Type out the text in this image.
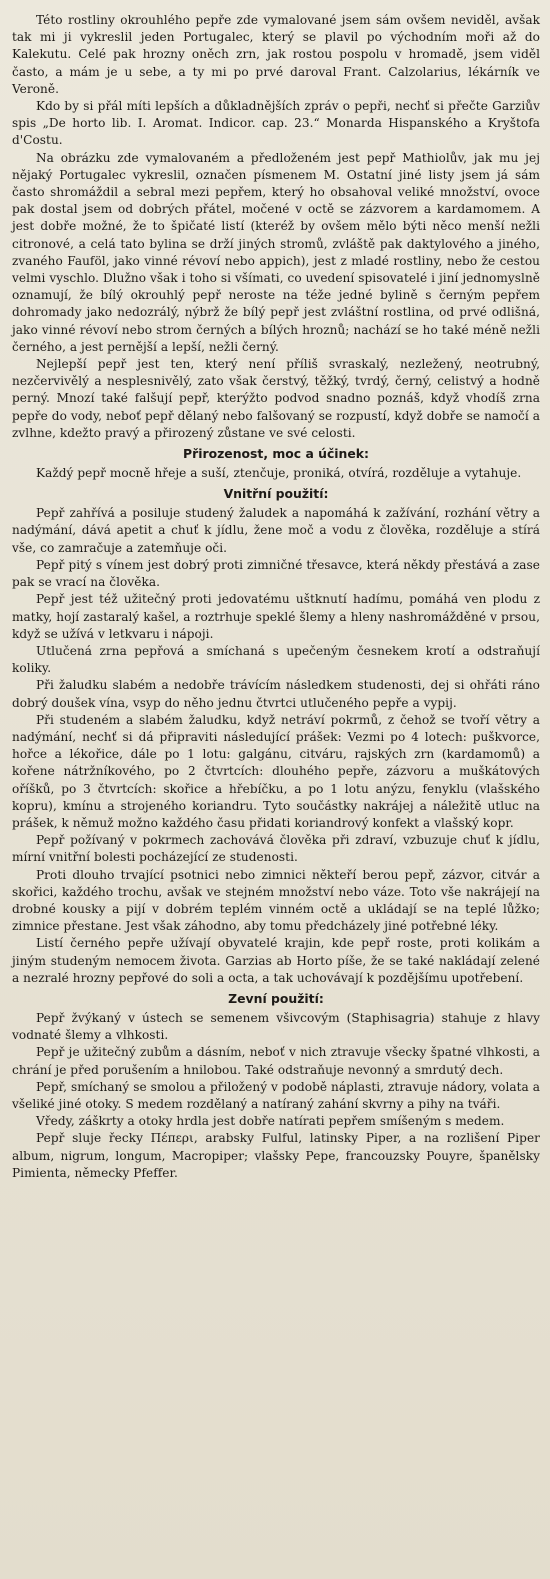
Této rostliny okrouhlého pepře zde vymalované jsem sám ovšem neviděl, avšak tak mi ji vykreslil jeden Portugalec, který se plavil po východním moři až do Kalekutu. Celé pak hrozny oněch zrn, jak rostou pospolu v hromadě, jsem viděl často, a mám je u sebe, a ty mi po prvé daroval Frant. Calzolarius, lékárník ve Veroně.

Kdo by si přál míti lepších a důkladnějších zpráv o pepři, nechť si přečte Garziův spis „De horto lib. I. Aromat. Indicor. cap. 23.“ Monarda Hispanského a Kryštofa d'Costu.

Na obrázku zde vymalovaném a předloženém jest pepř Mathiolův, jak mu jej nějaký Portugalec vykreslil, označen písmenem M. Ostatní jiné listy jsem já sám často shromáždil a sebral mezi pepřem, který ho obsahoval veliké množství, ovoce pak dostal jsem od dobrých přátel, močené v octě se zázvorem a kardamomem. A jest dobře možné, že to špičaté listí (kteréž by ovšem mělo býti něco menší nežli citronové, a celá tato bylina se drží jiných stromů, zvláště pak daktylového a jiného, zvaného Fauföl, jako vinné révoví nebo appich), jest z mladé rostliny, nebo že cestou velmi vyschlo. Dlužno však i toho si všímati, co uvedení spisovatelé i jiní jednomyslně oznamují, že bílý okrouhlý pepř neroste na téže jedné bylině s černým pepřem dohromady jako nedozrálý, nýbrž že bílý pepř jest zvláštní rostlina, od prvé odlišná, jako vinné révoví nebo strom černých a bílých hroznů; nachází se ho také méně nežli černého, a jest pernější a lepší, nežli černý.

Nejlepší pepř jest ten, který není příliš svraskalý, nezležený, neotrubný, nezčervivělý a nesplesnivělý, zato však čerstvý, těžký, tvrdý, černý, celistvý a hodně perný. Mnozí také falšují pepř, kterýžto podvod snadno poznáš, když vhodíš zrna pepře do vody, neboť pepř dělaný nebo falšovaný se rozpustí, když dobře se namočí a zvlhne, kdežto pravý a přirozený zůstane ve své celosti.

Přirozenost, moc a účinek:

Každý pepř mocně hřeje a suší, ztenčuje, proniká, otvírá, rozděluje a vytahuje.

Vnitřní použití:

Pepř zahřívá a posiluje studený žaludek a napomáhá k zažívání, rozhání větry a nadýmání, dává apetit a chuť k jídlu, žene moč a vodu z člověka, rozděluje a stírá vše, co zamračuje a zatemňuje oči.

Pepř pitý s vínem jest dobrý proti zimničné třesavce, která někdy přestává a zase pak se vrací na člověka.

Pepř jest též užitečný proti jedovatému uštknutí hadímu, pomáhá ven plodu z matky, hojí zastaralý kašel, a roztrhuje speklé šlemy a hleny nashromážděné v prsou, když se užívá v letkvaru i nápoji.

Utlučená zrna pepřová a smíchaná s upečeným česnekem krotí a odstraňují koliky.

Při žaludku slabém a nedobře trávícím následkem studenosti, dej si ohřáti ráno dobrý doušek vína, vsyp do něho jednu čtvrtci utlučeného pepře a vypij.

Při studeném a slabém žaludku, když netráví pokrmů, z čehož se tvoří větry a nadýmání, nechť si dá připraviti následující prášek: Vezmi po 4 lotech: puškvorce, hořce a lékořice, dále po 1 lotu: galgánu, citváru, rajských zrn (kardamomů) a kořene nátržníkového, po 2 čtvrtcích: dlouhého pepře, zázvoru a muškátových oříšků, po 3 čtvrtcích: skořice a hřebíčku, a po 1 lotu anýzu, fenyklu (vlašského kopru), kmínu a strojeného koriandru. Tyto součástky nakrájej a náležitě utluc na prášek, k němuž možno každého času přidati koriandrový konfekt a vlašský kopr.

Pepř požívaný v pokrmech zachovává člověka při zdraví, vzbuzuje chuť k jídlu, mírní vnitřní bolesti pocházející ze studenosti.

Proti dlouho trvající psotnici nebo zimnici někteří berou pepř, zázvor, citvár a skořici, každého trochu, avšak ve stejném množství nebo váze. Toto vše nakrájejí na drobné kousky a pijí v dobrém teplém vinném octě a ukládají se na teplé lůžko; zimnice přestane. Jest však záhodno, aby tomu předcházely jiné potřebné léky.

Listí černého pepře užívají obyvatelé krajin, kde pepř roste, proti kolikám a jiným studeným nemocem života. Garzias ab Horto píše, že se také nakládají zelené a nezralé hrozny pepřové do soli a octa, a tak uchovávají k pozdějšímu upotřebení.

Zevní použití:

Pepř žvýkaný v ústech se semenem všivcovým (Staphisagria) stahuje z hlavy vodnaté šlemy a vlhkosti.

Pepř je užitečný zubům a dásním, neboť v nich ztravuje všecky špatné vlhkosti, a chrání je před porušením a hnilobou. Také odstraňuje nevonný a smrdutý dech.

Pepř, smíchaný se smolou a přiložený v podobě náplasti, ztravuje nádory, volata a všeliké jiné otoky. S medem rozdělaný a natíraný zahání skvrny a pihy na tváři.

Vředy, záškrty a otoky hrdla jest dobře natírati pepřem smíšeným s medem.

Pepř sluje řecky Πέπερι, arabsky Fulful, latinsky Piper, a na rozlišení Piper album, nigrum, longum, Macropiper; vlašsky Pepe, francouzsky Pouyre, španělsky Pimienta, německy Pfeffer.
